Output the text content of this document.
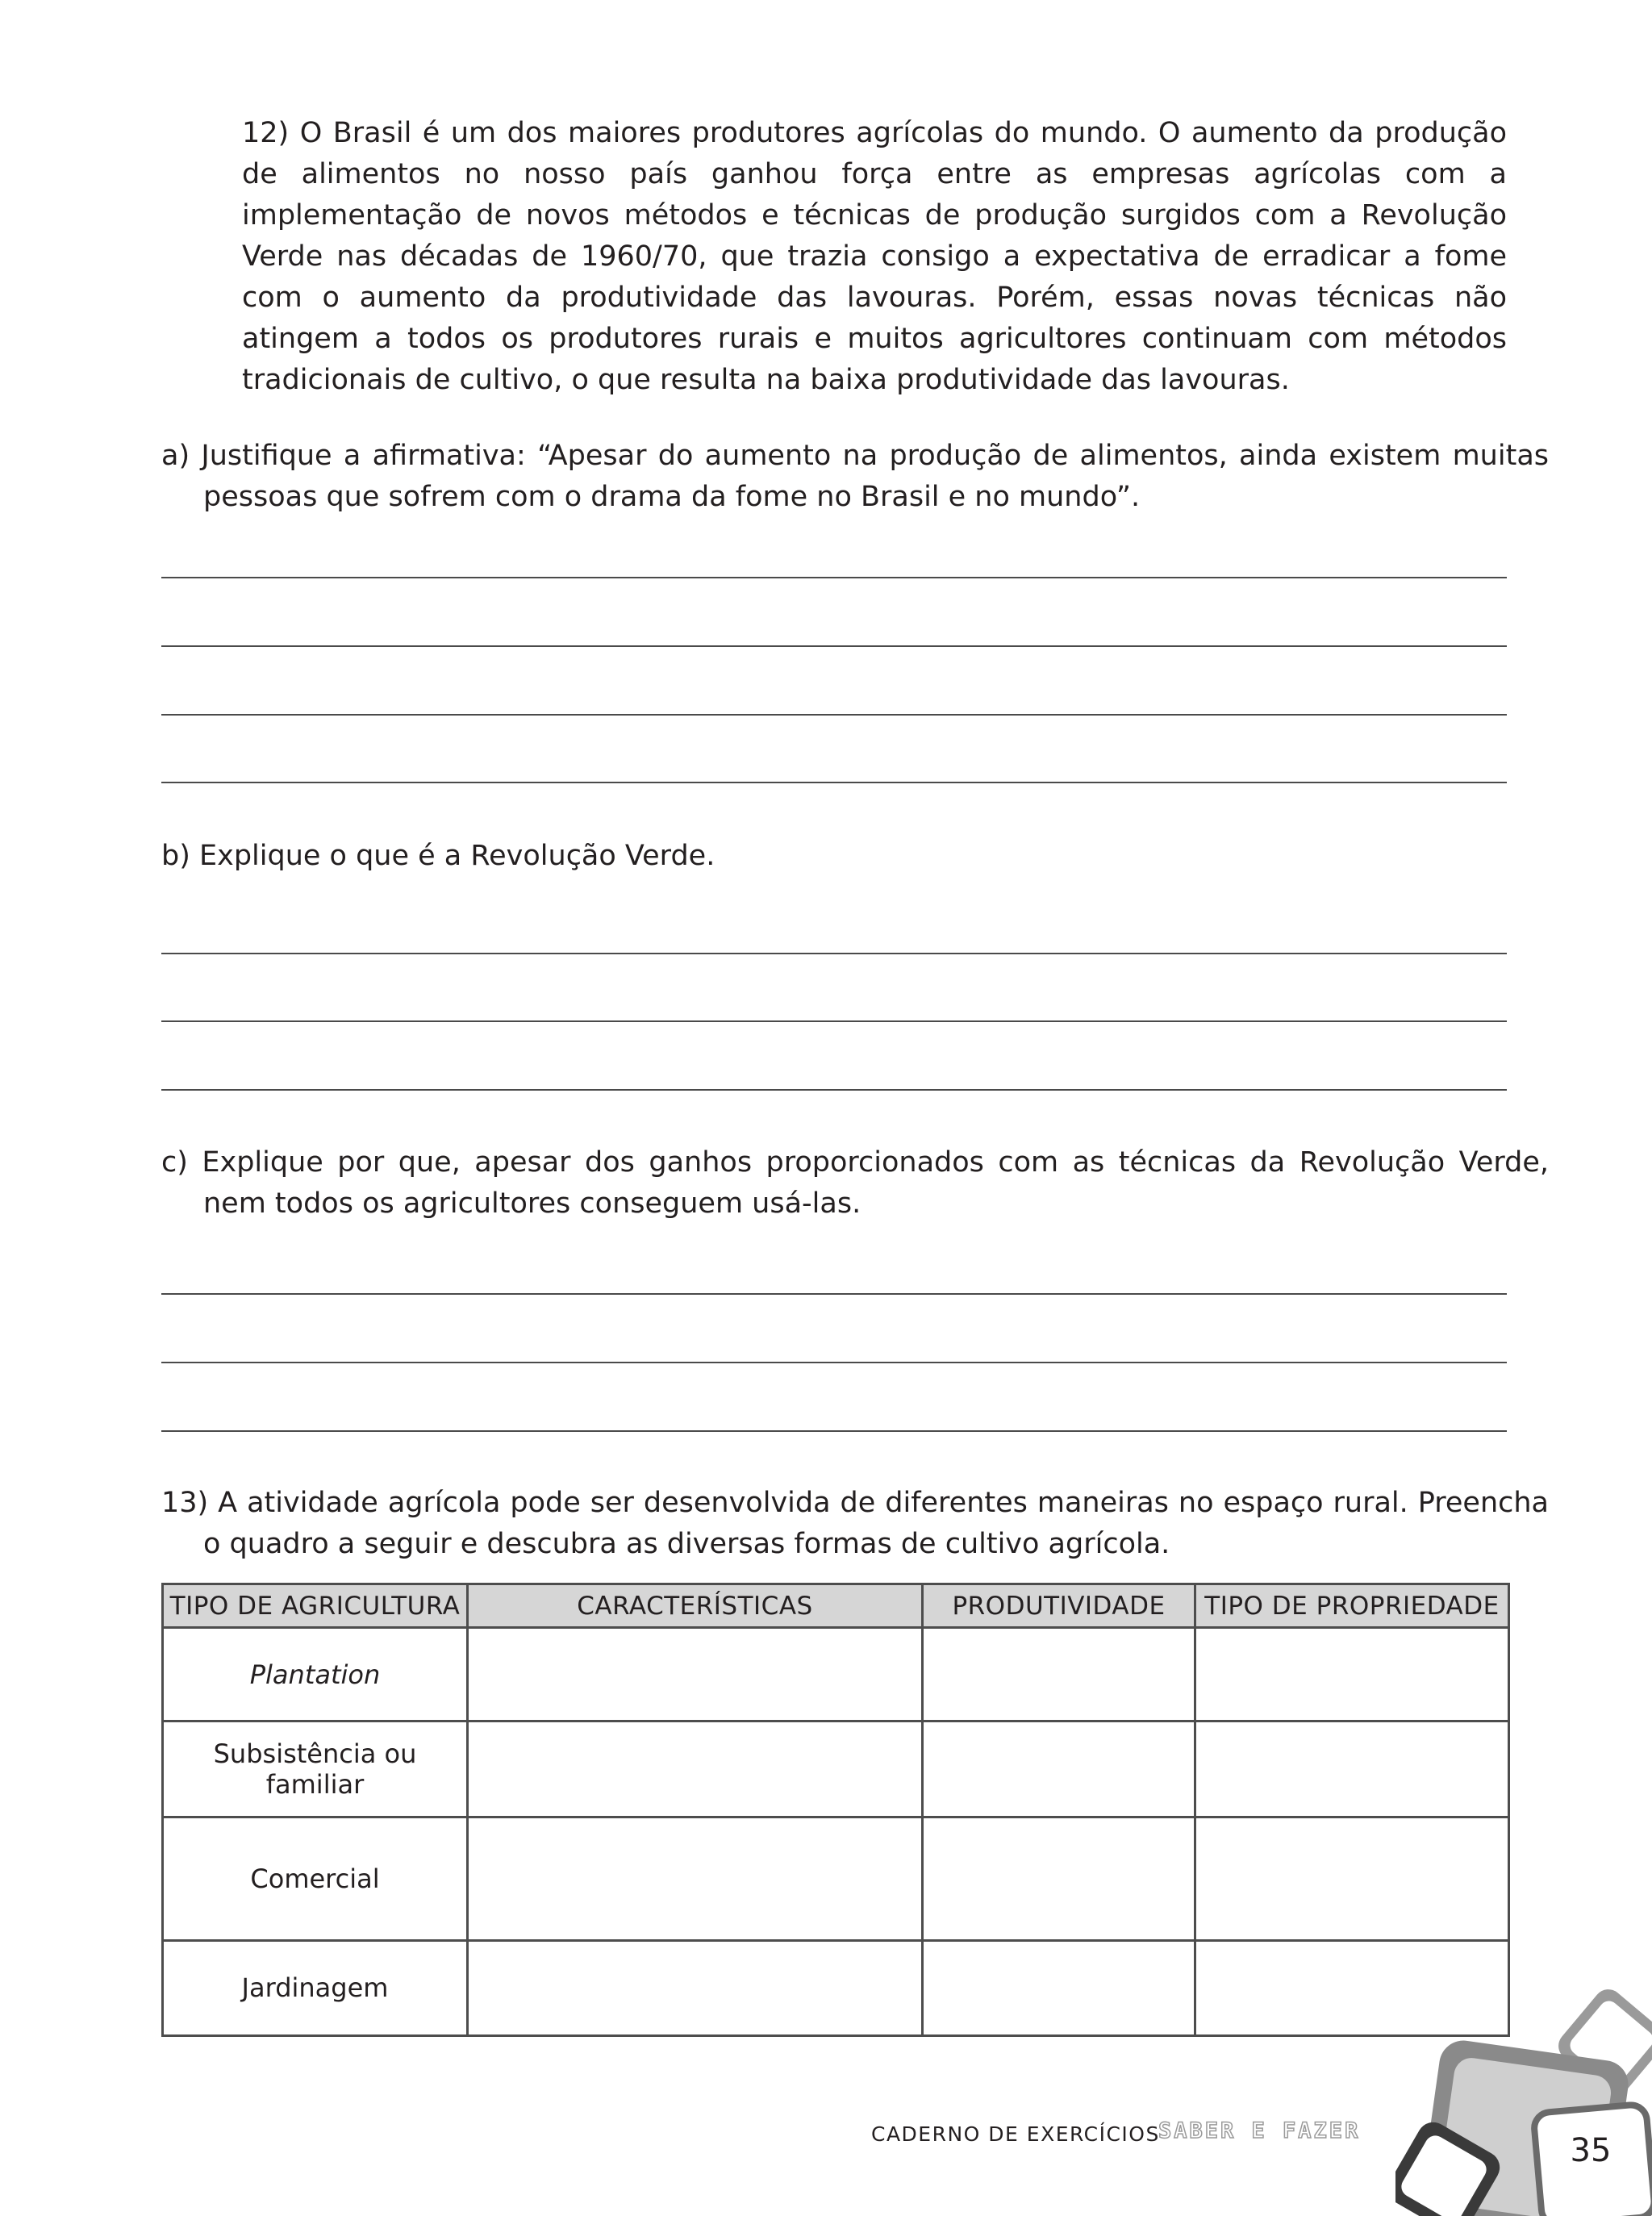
12) O Brasil é um dos maiores produtores agrícolas do mundo. O aumento da produção de alimentos no nosso país ganhou força entre as empresas agrícolas com a implementação de novos métodos e técnicas de produção surgidos com a Revolução Verde nas décadas de 1960/70, que trazia consigo a expectativa de erradicar a fome com o aumento da produtividade das lavouras. Porém, essas novas técnicas não atingem a todos os produtores rurais e muitos agricultores continuam com métodos tradicionais de cultivo, o que resulta na baixa produtividade das lavouras.

a) Justifique a afirmativa: “Apesar do aumento na produção de alimentos, ainda existem muitas pessoas que sofrem com o drama da fome no Brasil e no mundo”.

b) Explique o que é a Revolução Verde.

c) Explique por que, apesar dos ganhos proporcionados com as técnicas da Revolução Verde, nem todos os agricultores conseguem usá-las.

13) A atividade agrícola pode ser desenvolvida de diferentes maneiras no espaço rural. Preencha o quadro a seguir e descubra as diversas formas de cultivo agrícola.

TIPO DE AGRICULTURA	CARACTERÍSTICAS	PRODUTIVIDADE	TIPO DE PROPRIEDADE
Plantation			
Subsistência ou familiar			
Comercial			
Jardinagem			
CADERNO DE EXERCÍCIOS
SABER E FAZER
35
